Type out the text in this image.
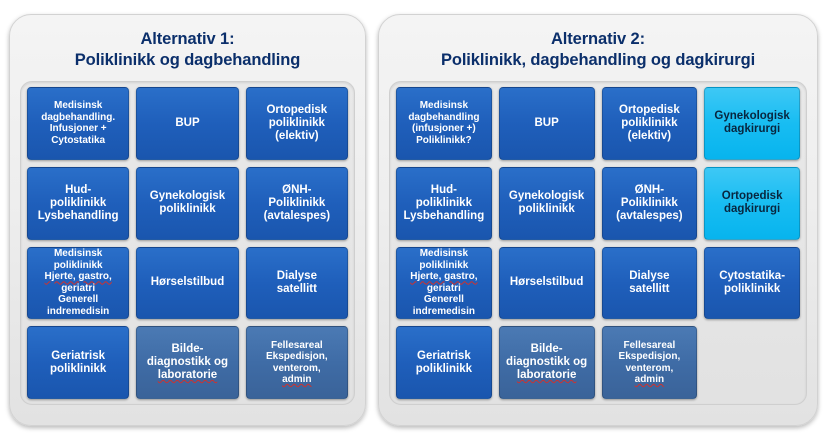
Alternativ 1:
Poliklinikk og dagbehandling
Medisinsk
dagbehandling.
Infusjoner +
Cytostatika
BUP
Ortopedisk
poliklinikk
(elektiv)
Hud-
poliklinikk
Lysbehandling
Gynekologisk
poliklinikk
ØNH-
Poliklinikk
(avtalespes)
Medisinsk
poliklinikk
Hjerte, gastro,
geriatri
Generell
indremedisin
Hørselstilbud
Dialyse
satellitt
Geriatrisk
poliklinikk
Bilde-
diagnostikk og
laboratorie
Fellesareal
Ekspedisjon,
venterom,
admin
Alternativ 2:
Poliklinikk, dagbehandling og dagkirurgi
Medisinsk
dagbehandling
(infusjoner +)
Poliklinikk?
BUP
Ortopedisk
poliklinikk
(elektiv)
Gynekologisk
dagkirurgi
Hud-
poliklinikk
Lysbehandling
Gynekologisk
poliklinikk
ØNH-
Poliklinikk
(avtalespes)
Ortopedisk
dagkirurgi
Medisinsk
poliklinikk
Hjerte, gastro,
geriatri
Generell
indremedisin
Hørselstilbud
Dialyse
satellitt
Cytostatika-
poliklinikk
Geriatrisk
poliklinikk
Bilde-
diagnostikk og
laboratorie
Fellesareal
Ekspedisjon,
venterom,
admin
